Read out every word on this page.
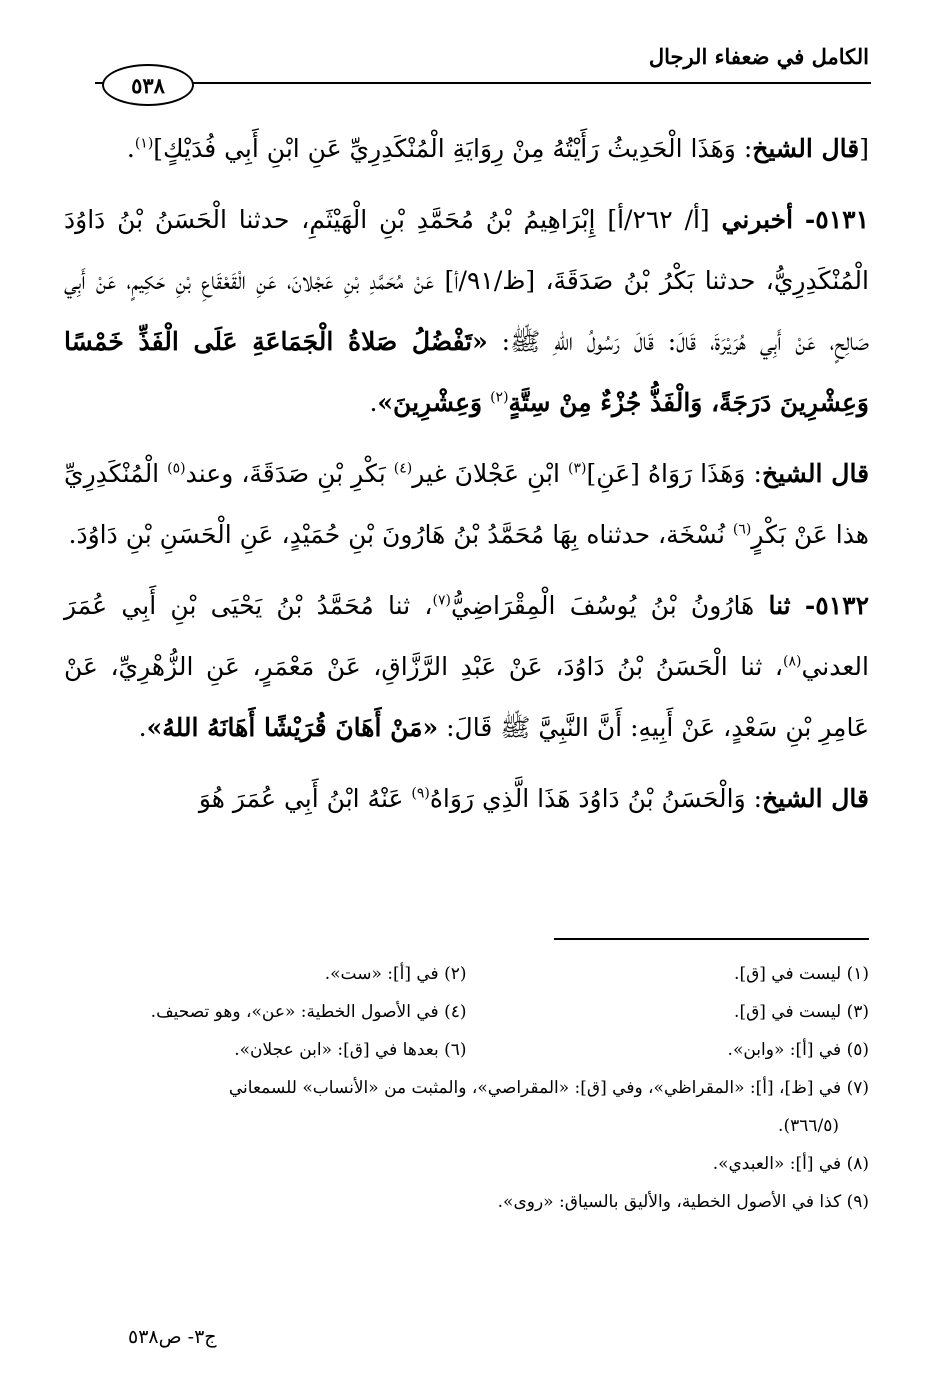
الكامل في ضعفاء الرجال
٥٣٨

[قال الشيخ: وَهَذَا الْحَدِيثُ رَأَيْتُهُ مِنْ رِوَايَةِ الْمُنْكَدِرِيِّ عَنِ ابْنِ أَبِي فُدَيْكٍ]$^{(١)}$.

٥١٣١- أخبرني [أ/ ٢٦٢/أ] إِبْرَاهِيمُ بْنُ مُحَمَّدِ بْنِ الْهَيْثَمِ، حدثنا الْحَسَنُ بْنُ دَاوُدَ الْمُنْكَدِرِيُّ، حدثنا بَكْرُ بْنُ صَدَقَةَ، [ظ/٩١/أ] عَنْ مُحَمَّدِ بْنِ عَجْلانَ، عَنِ الْقَعْقَاعِ بْنِ حَكِيمٍ، عَنْ أَبِي صَالِحٍ، عَنْ أَبِي هُرَيْرَةَ، قَالَ: قَالَ رَسُولُ اللهِ ﷺ: «تَفْضُلُ صَلاةُ الْجَمَاعَةِ عَلَى الْفَذِّ خَمْسًا وَعِشْرِينَ دَرَجَةً، وَالْفَذُّ جُزْءٌ مِنْ سِتَّةٍ$^{(٢)}$ وَعِشْرِينَ».

قال الشيخ: وَهَذَا رَوَاهُ [عَنِ]$^{(٣)}$ ابْنِ عَجْلانَ غير$^{(٤)}$ بَكْرِ بْنِ صَدَقَةَ، وعند$^{(٥)}$ الْمُنْكَدِرِيِّ هذا عَنْ بَكْرٍ$^{(٦)}$ نُسْخَة، حدثناه بِهَا مُحَمَّدُ بْنُ هَارُونَ بْنِ حُمَيْدٍ، عَنِ الْحَسَنِ بْنِ دَاوُدَ.

٥١٣٢- ثنا هَارُونُ بْنُ يُوسُفَ الْمِقْرَاضِيُّ$^{(٧)}$، ثنا مُحَمَّدُ بْنُ يَحْيَى بْنِ أَبِي عُمَرَ العدني$^{(٨)}$، ثنا الْحَسَنُ بْنُ دَاوُدَ، عَنْ عَبْدِ الرَّزَّاقِ، عَنْ مَعْمَرٍ، عَنِ الزُّهْرِيِّ، عَنْ عَامِرِ بْنِ سَعْدٍ، عَنْ أَبِيهِ: أَنَّ النَّبِيَّ ﷺ قَالَ: «مَنْ أَهَانَ قُرَيْشًا أَهَانَهُ اللهُ».

قال الشيخ: وَالْحَسَنُ بْنُ دَاوُدَ هَذَا الَّذِي رَوَاهُ$^{(٩)}$ عَنْهُ ابْنُ أَبِي عُمَرَ هُوَ

(١) ليست في [ق].
(٢) في [أ]: «ست».
(٣) ليست في [ق].
(٤) في الأصول الخطية: «عن»، وهو تصحيف.
(٥) في [أ]: «وابن».
(٦) بعدها في [ق]: «ابن عجلان».
(٧) في [ظ]، [أ]: «المقراظي»، وفي [ق]: «المقراصي»، والمثبت من «الأنساب» للسمعاني
(٣٦٦/٥).
(٨) في [أ]: «العبدي».
(٩) كذا في الأصول الخطية، والأليق بالسياق: «روى».
ج٣- ص٥٣٨
